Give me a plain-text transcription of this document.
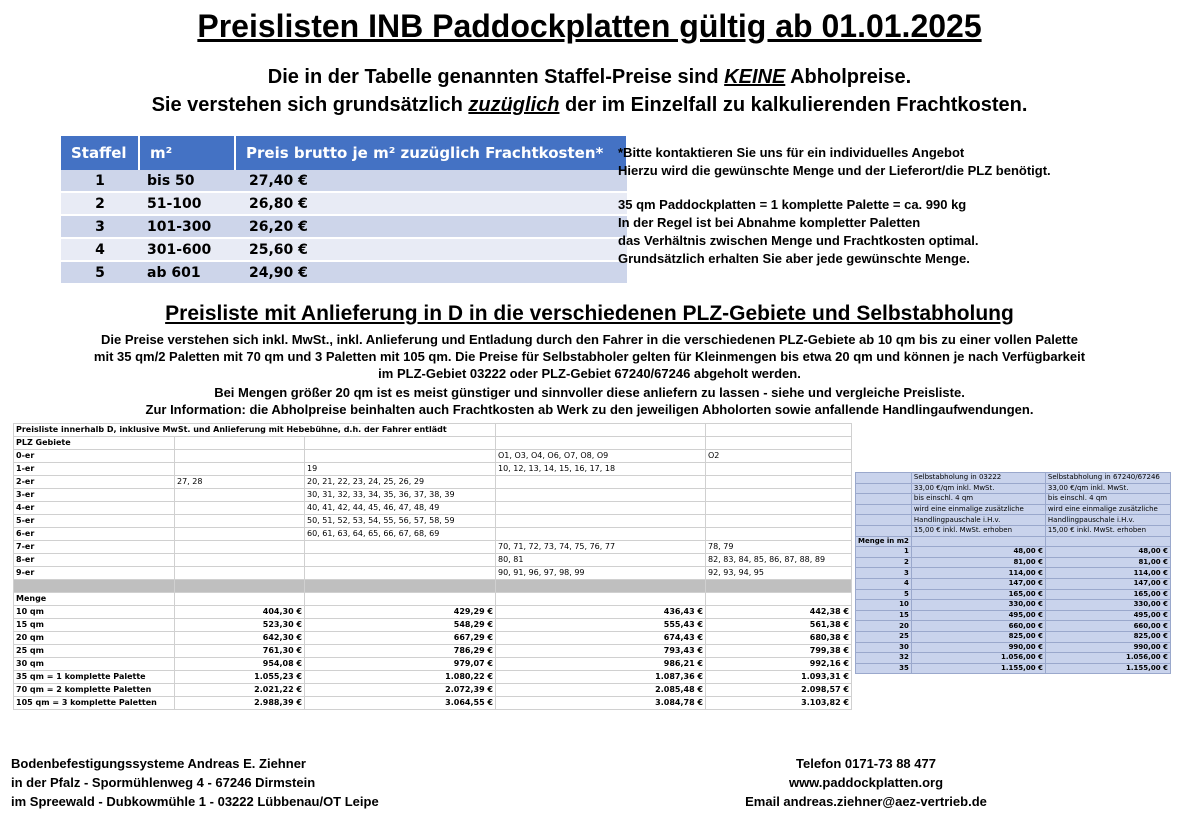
Preislisten INB Paddockplatten gültig ab 01.01.2025
Die in der Tabelle genannten Staffel-Preise sind KEINE Abholpreise.
Sie verstehen sich grundsätzlich zuzüglich der im Einzelfall zu kalkulierenden Frachtkosten.
Staffel	m²	Preis brutto je m² zuzüglich Frachtkosten*
1	bis 50	27,40 €
2	51-100	26,80 €
3	101-300	26,20 €
4	301-600	25,60 €
5	ab 601	24,90 €
*Bitte kontaktieren Sie uns für ein individuelles Angebot
Hierzu wird die gewünschte Menge und der Lieferort/die PLZ benötigt.
35 qm Paddockplatten = 1 komplette Palette = ca. 990 kg
In der Regel ist bei Abnahme kompletter Paletten
das Verhältnis zwischen Menge und Frachtkosten optimal.
Grundsätzlich erhalten Sie aber jede gewünschte Menge.
Preisliste mit Anlieferung in D in die verschiedenen PLZ-Gebiete und Selbstabholung
Die Preise verstehen sich inkl. MwSt., inkl. Anlieferung und Entladung durch den Fahrer in die verschiedenen PLZ-Gebiete ab 10 qm bis zu einer vollen Palette
mit 35 qm/2 Paletten mit 70 qm und 3 Paletten mit 105 qm. Die Preise für Selbstabholer gelten für Kleinmengen bis etwa 20 qm und können je nach Verfügbarkeit
im PLZ-Gebiet 03222 oder PLZ-Gebiet 67240/67246 abgeholt werden.
Bei Mengen größer 20 qm ist es meist günstiger und sinnvoller diese anliefern zu lassen - siehe und vergleiche Preisliste.
Zur Information: die Abholpreise beinhalten auch Frachtkosten ab Werk zu den jeweiligen Abholorten sowie anfallende Handlingaufwendungen.
Preisliste innerhalb D, inklusive MwSt. und Anlieferung mit Hebebühne, d.h. der Fahrer entlädt				
PLZ Gebiete				
0-er			O1, O3, O4, O6, O7, O8, O9	O2
1-er		19	10, 12, 13, 14, 15, 16, 17, 18	
2-er	27, 28	20, 21, 22, 23, 24, 25, 26, 29		
3-er		30, 31, 32, 33, 34, 35, 36, 37, 38, 39		
4-er		40, 41, 42, 44, 45, 46, 47, 48, 49		
5-er		50, 51, 52, 53, 54, 55, 56, 57, 58, 59		
6-er		60, 61, 63, 64, 65, 66, 67, 68, 69		
7-er			70, 71, 72, 73, 74, 75, 76, 77	78, 79
8-er			80, 81	82, 83, 84, 85, 86, 87, 88, 89
9-er			90, 91, 96, 97, 98, 99	92, 93, 94, 95

Menge				
10 qm	404,30 €	429,29 €	436,43 €	442,38 €
15 qm	523,30 €	548,29 €	555,43 €	561,38 €
20 qm	642,30 €	667,29 €	674,43 €	680,38 €
25 qm	761,30 €	786,29 €	793,43 €	799,38 €
30 qm	954,08 €	979,07 €	986,21 €	992,16 €
35 qm = 1 komplette Palette	1.055,23 €	1.080,22 €	1.087,36 €	1.093,31 €
70 qm = 2 komplette Paletten	2.021,22 €	2.072,39 €	2.085,48 €	2.098,57 €
105 qm = 3 komplette Paletten	2.988,39 €	3.064,55 €	3.084,78 €	3.103,82 €
	Selbstabholung in 03222	Selbstabholung in 67240/67246
	33,00 €/qm inkl. MwSt.	33,00 €/qm inkl. MwSt.
	bis einschl. 4 qm	bis einschl. 4 qm
	wird eine einmalige zusätzliche	wird eine einmalige zusätzliche
	Handlingpauschale i.H.v.	Handlingpauschale i.H.v.
	15,00 € inkl. MwSt. erhoben	15,00 € inkl. MwSt. erhoben
Menge in m2		
1	48,00 €	48,00 €
2	81,00 €	81,00 €
3	114,00 €	114,00 €
4	147,00 €	147,00 €
5	165,00 €	165,00 €
10	330,00 €	330,00 €
15	495,00 €	495,00 €
20	660,00 €	660,00 €
25	825,00 €	825,00 €
30	990,00 €	990,00 €
32	1.056,00 €	1.056,00 €
35	1.155,00 €	1.155,00 €
Bodenbefestigungssysteme Andreas E. Ziehner
in der Pfalz - Spormühlenweg 4 - 67246 Dirmstein
im Spreewald - Dubkowmühle 1 - 03222 Lübbenau/OT Leipe
Telefon 0171-73 88 477
www.paddockplatten.org
Email andreas.ziehner@aez-vertrieb.de
